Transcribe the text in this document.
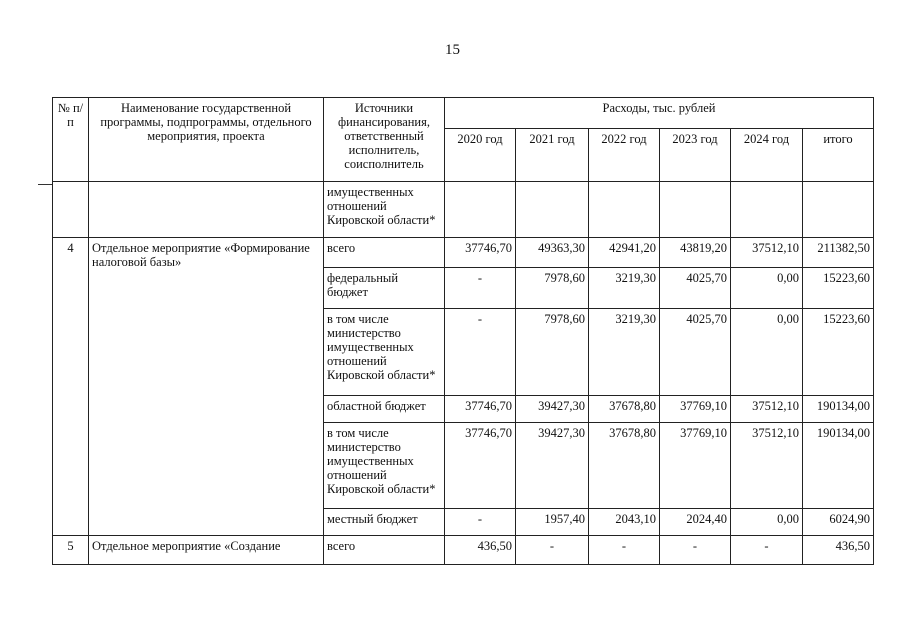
15
№ п/п	Наименование государственной программы, подпрограммы, отдельного мероприятия, проекта	Источники финансирования, ответственный исполнитель, соисполнитель	Расходы, тыс. рублей					
			2020 год	2021 год	2022 год	2023 год	2024 год	итого
		имущественных отношений Кировской области*						
4	Отдельное мероприятие «Формирование налоговой базы»	всего	37746,70	49363,30	42941,20	43819,20	37512,10	211382,50
		федеральный бюджет	-	7978,60	3219,30	4025,70	0,00	15223,60
		в том числе министерство имущественных отношений Кировской области*	-	7978,60	3219,30	4025,70	0,00	15223,60
		областной бюджет	37746,70	39427,30	37678,80	37769,10	37512,10	190134,00
		в том числе министерство имущественных отношений Кировской области*	37746,70	39427,30	37678,80	37769,10	37512,10	190134,00
		местный бюджет	-	1957,40	2043,10	2024,40	0,00	6024,90
5	Отдельное мероприятие «Создание	всего	436,50	-	-	-	-	436,50
